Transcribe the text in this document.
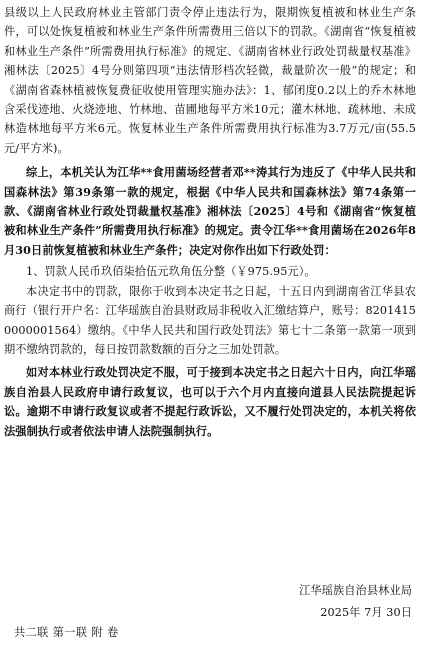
县级以上人民政府林业主管部门责令停止违法行为，限期恢复植被和林业生产条件，可以处恢复植被和林业生产条件所需费用三倍以下的罚款。《湖南省“恢复植被和林业生产条件”所需费用执行标准》的规定、《湖南省林业行政处罚裁量权基准》湘林法〔2025〕4号分则第四项“违法情形档次轻微，裁量阶次一般”的规定；和《湖南省森林植被恢复费征收使用管理实施办法》：1、郁闭度0.2以上的乔木林地含采伐迹地、火烧迹地、竹林地、苗圃地每平方米10元；灌木林地、疏林地、未成林造林地每平方米6元。恢复林业生产条件所需费用执行标准为3.7万元/亩(55.5元/平方米)。

综上，本机关认为江华**食用菌场经营者邓**涛其行为违反了《中华人民共和国森林法》第39条第一款的规定，根据《中华人民共和国森林法》第74条第一款、《湖南省林业行政处罚裁量权基准》湘林法〔2025〕4号和《湖南省“恢复植被和林业生产条件”所需费用执行标准》的规定。责令江华**食用菌场在2026年8月30日前恢复植被和林业生产条件；决定对你作出如下行政处罚：

1、罚款人民币玖佰柒拾伍元玖角伍分整（￥975.95元）。

本决定书中的罚款，限你于收到本决定书之日起，十五日内到湖南省江华县农商行（银行开户名：江华瑶族自治县财政局非税收入汇缴结算户，账号：82014150000001564）缴纳。《中华人民共和国行政处罚法》第七十二条第一款第一项到期不缴纳罚款的，每日按罚款数额的百分之三加处罚款。

如对本林业行政处罚决定不服，可于接到本决定书之日起六十日内，向江华瑶族自治县人民政府申请行政复议，也可以于六个月内直接向道县人民法院提起诉讼。逾期不申请行政复议或者不提起行政诉讼，又不履行处罚决定的，本机关将依法强制执行或者依法申请人法院强制执行。

江华瑶族自治县林业局
2025年 7月 30日
共二联 第一联 附 卷
